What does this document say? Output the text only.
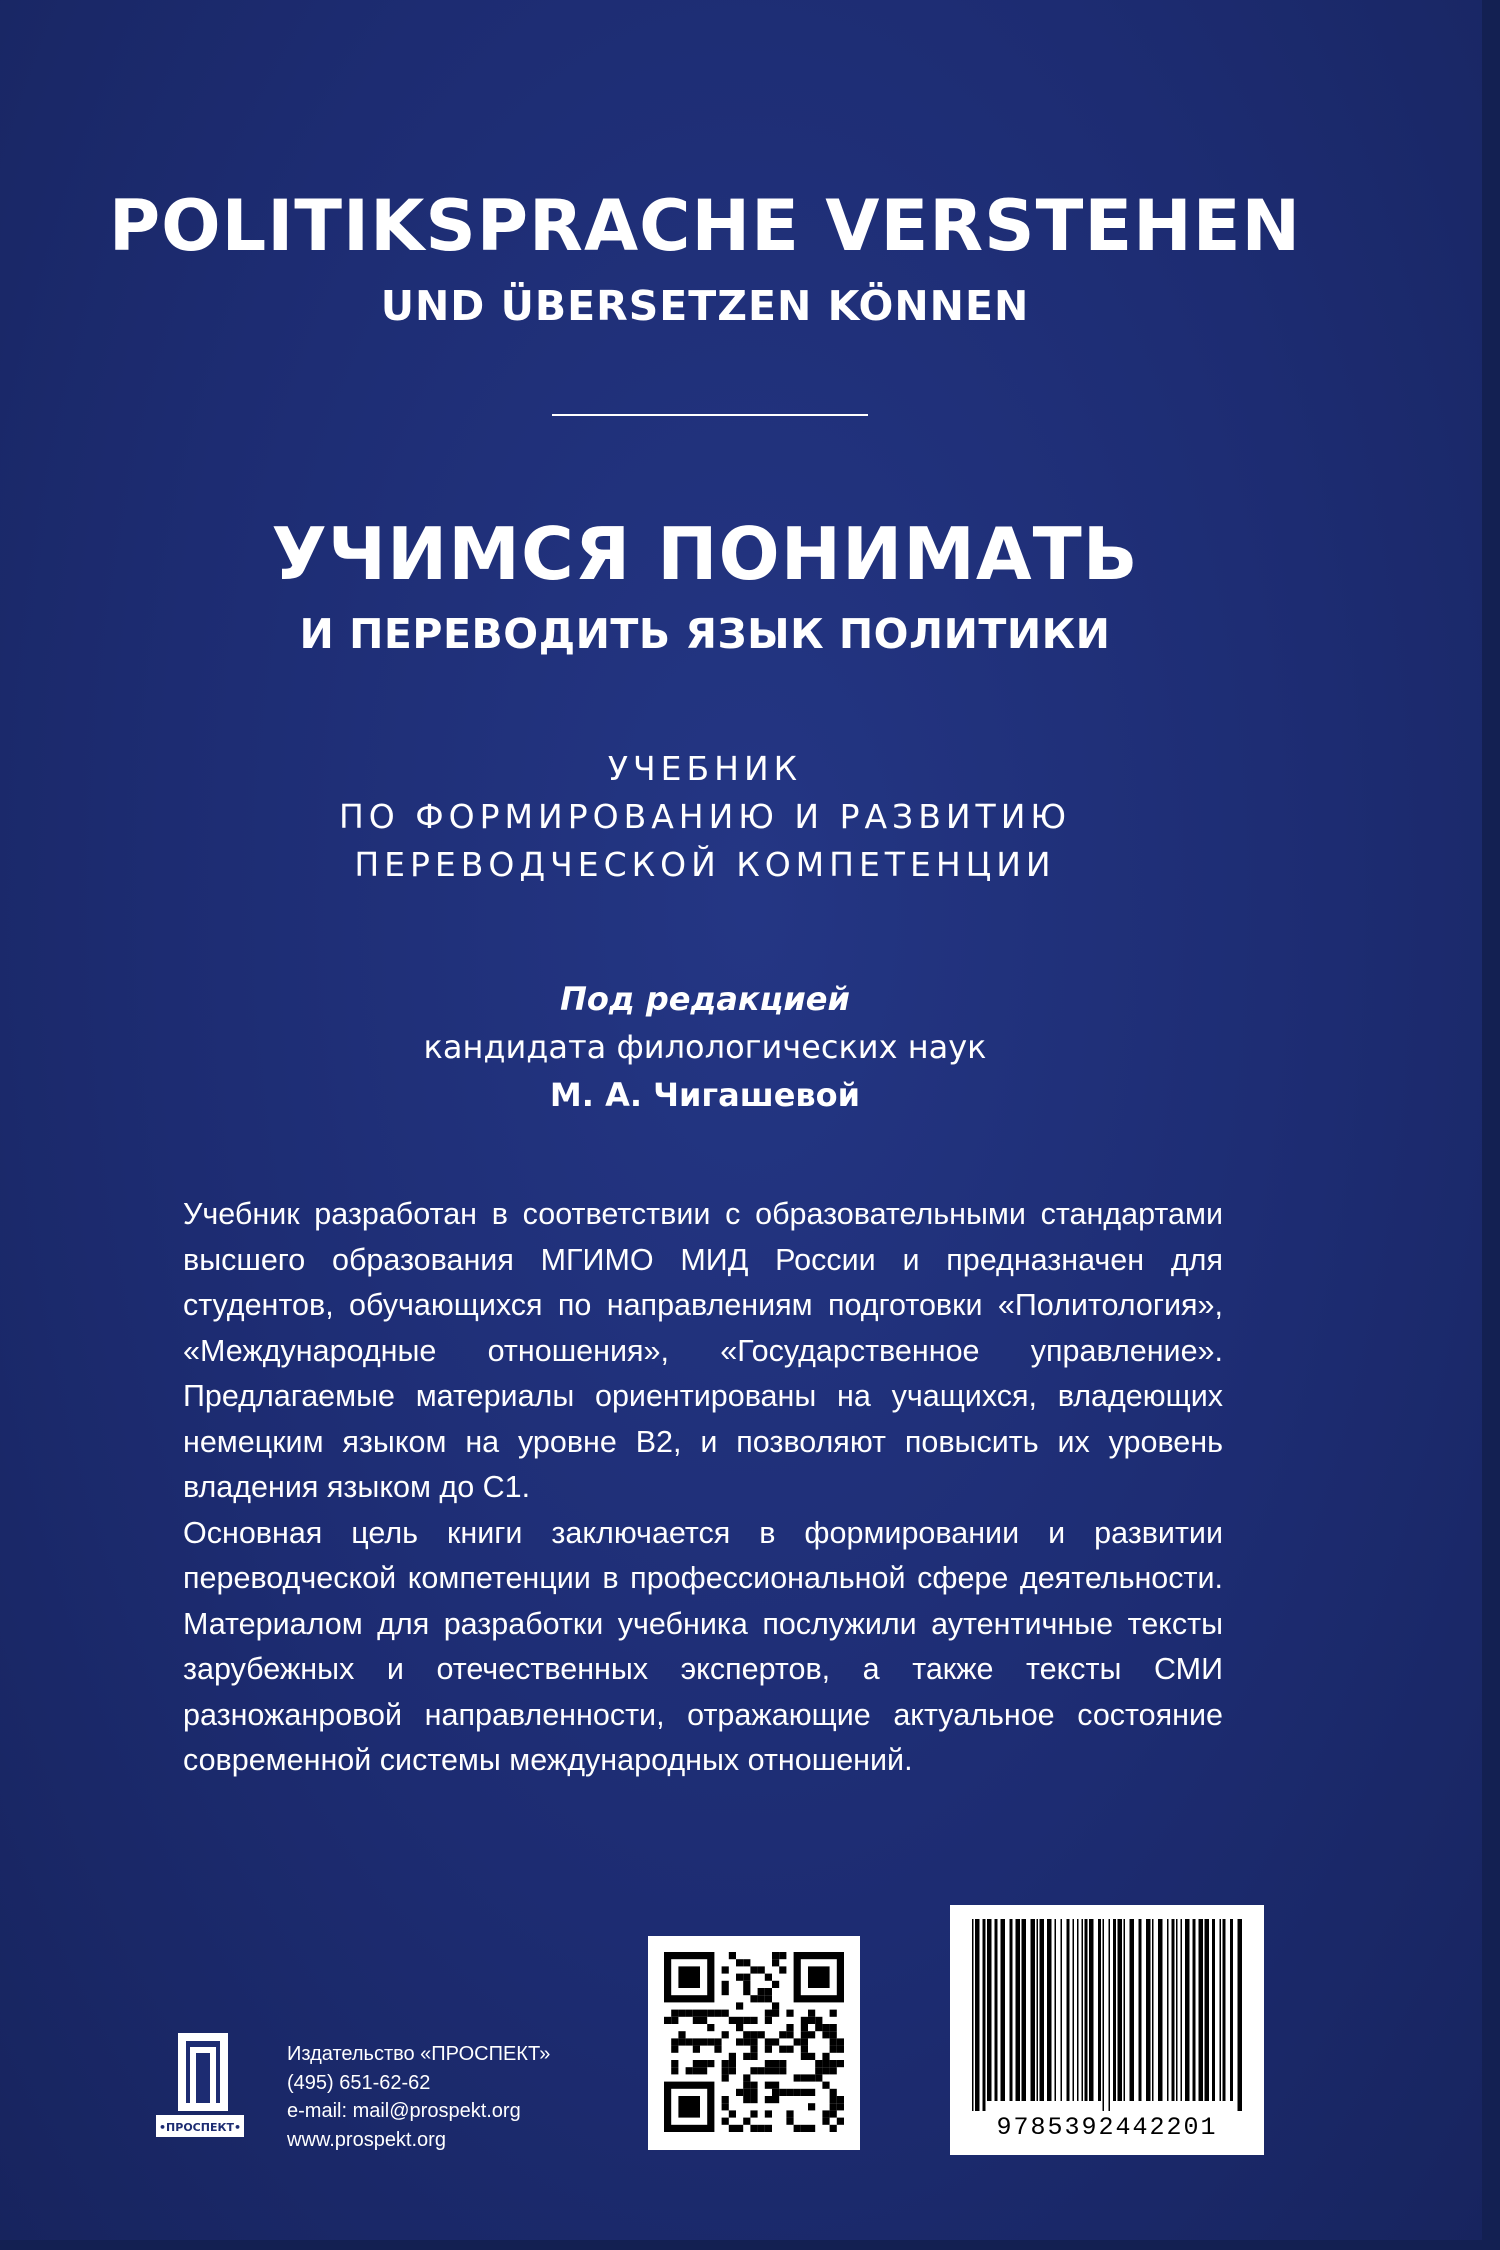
POLITIKSPRACHE VERSTEHEN
UND ÜBERSETZEN KÖNNEN
УЧИМСЯ ПОНИМАТЬ
И ПЕРЕВОДИТЬ ЯЗЫК ПОЛИТИКИ
УЧЕБНИК
ПО ФОРМИРОВАНИЮ И РАЗВИТИЮ
ПЕРЕВОДЧЕСКОЙ КОМПЕТЕНЦИИ
Под редакцией
кандидата филологических наук
М. А. Чигашевой

Учебник разработан в соответствии с образовательными стандартами высшего образования МГИМО МИД России и предназначен для студентов, обучающихся по направлениям подготовки «Политология», «Международные отношения», «Государственное управление». Предлагаемые материалы ориентированы на учащихся, владеющих немецким языком на уровне В2, и позволяют повысить их уровень владения языком до С1.

Основная цель книги заключается в формировании и развитии переводческой компетенции в профессиональной сфере деятельности. Материалом для разработки учебника послужили аутентичные тексты зарубежных и отечественных экспертов, а также тексты СМИ разножанровой направленности, отражающие актуальное состояние современной системы международных отношений.

•ПРОСПЕКТ•
Издательство «ПРОСПЕКТ»
(495) 651-62-62
e-mail: mail@prospekt.org
www.prospekt.org	9785392442201
